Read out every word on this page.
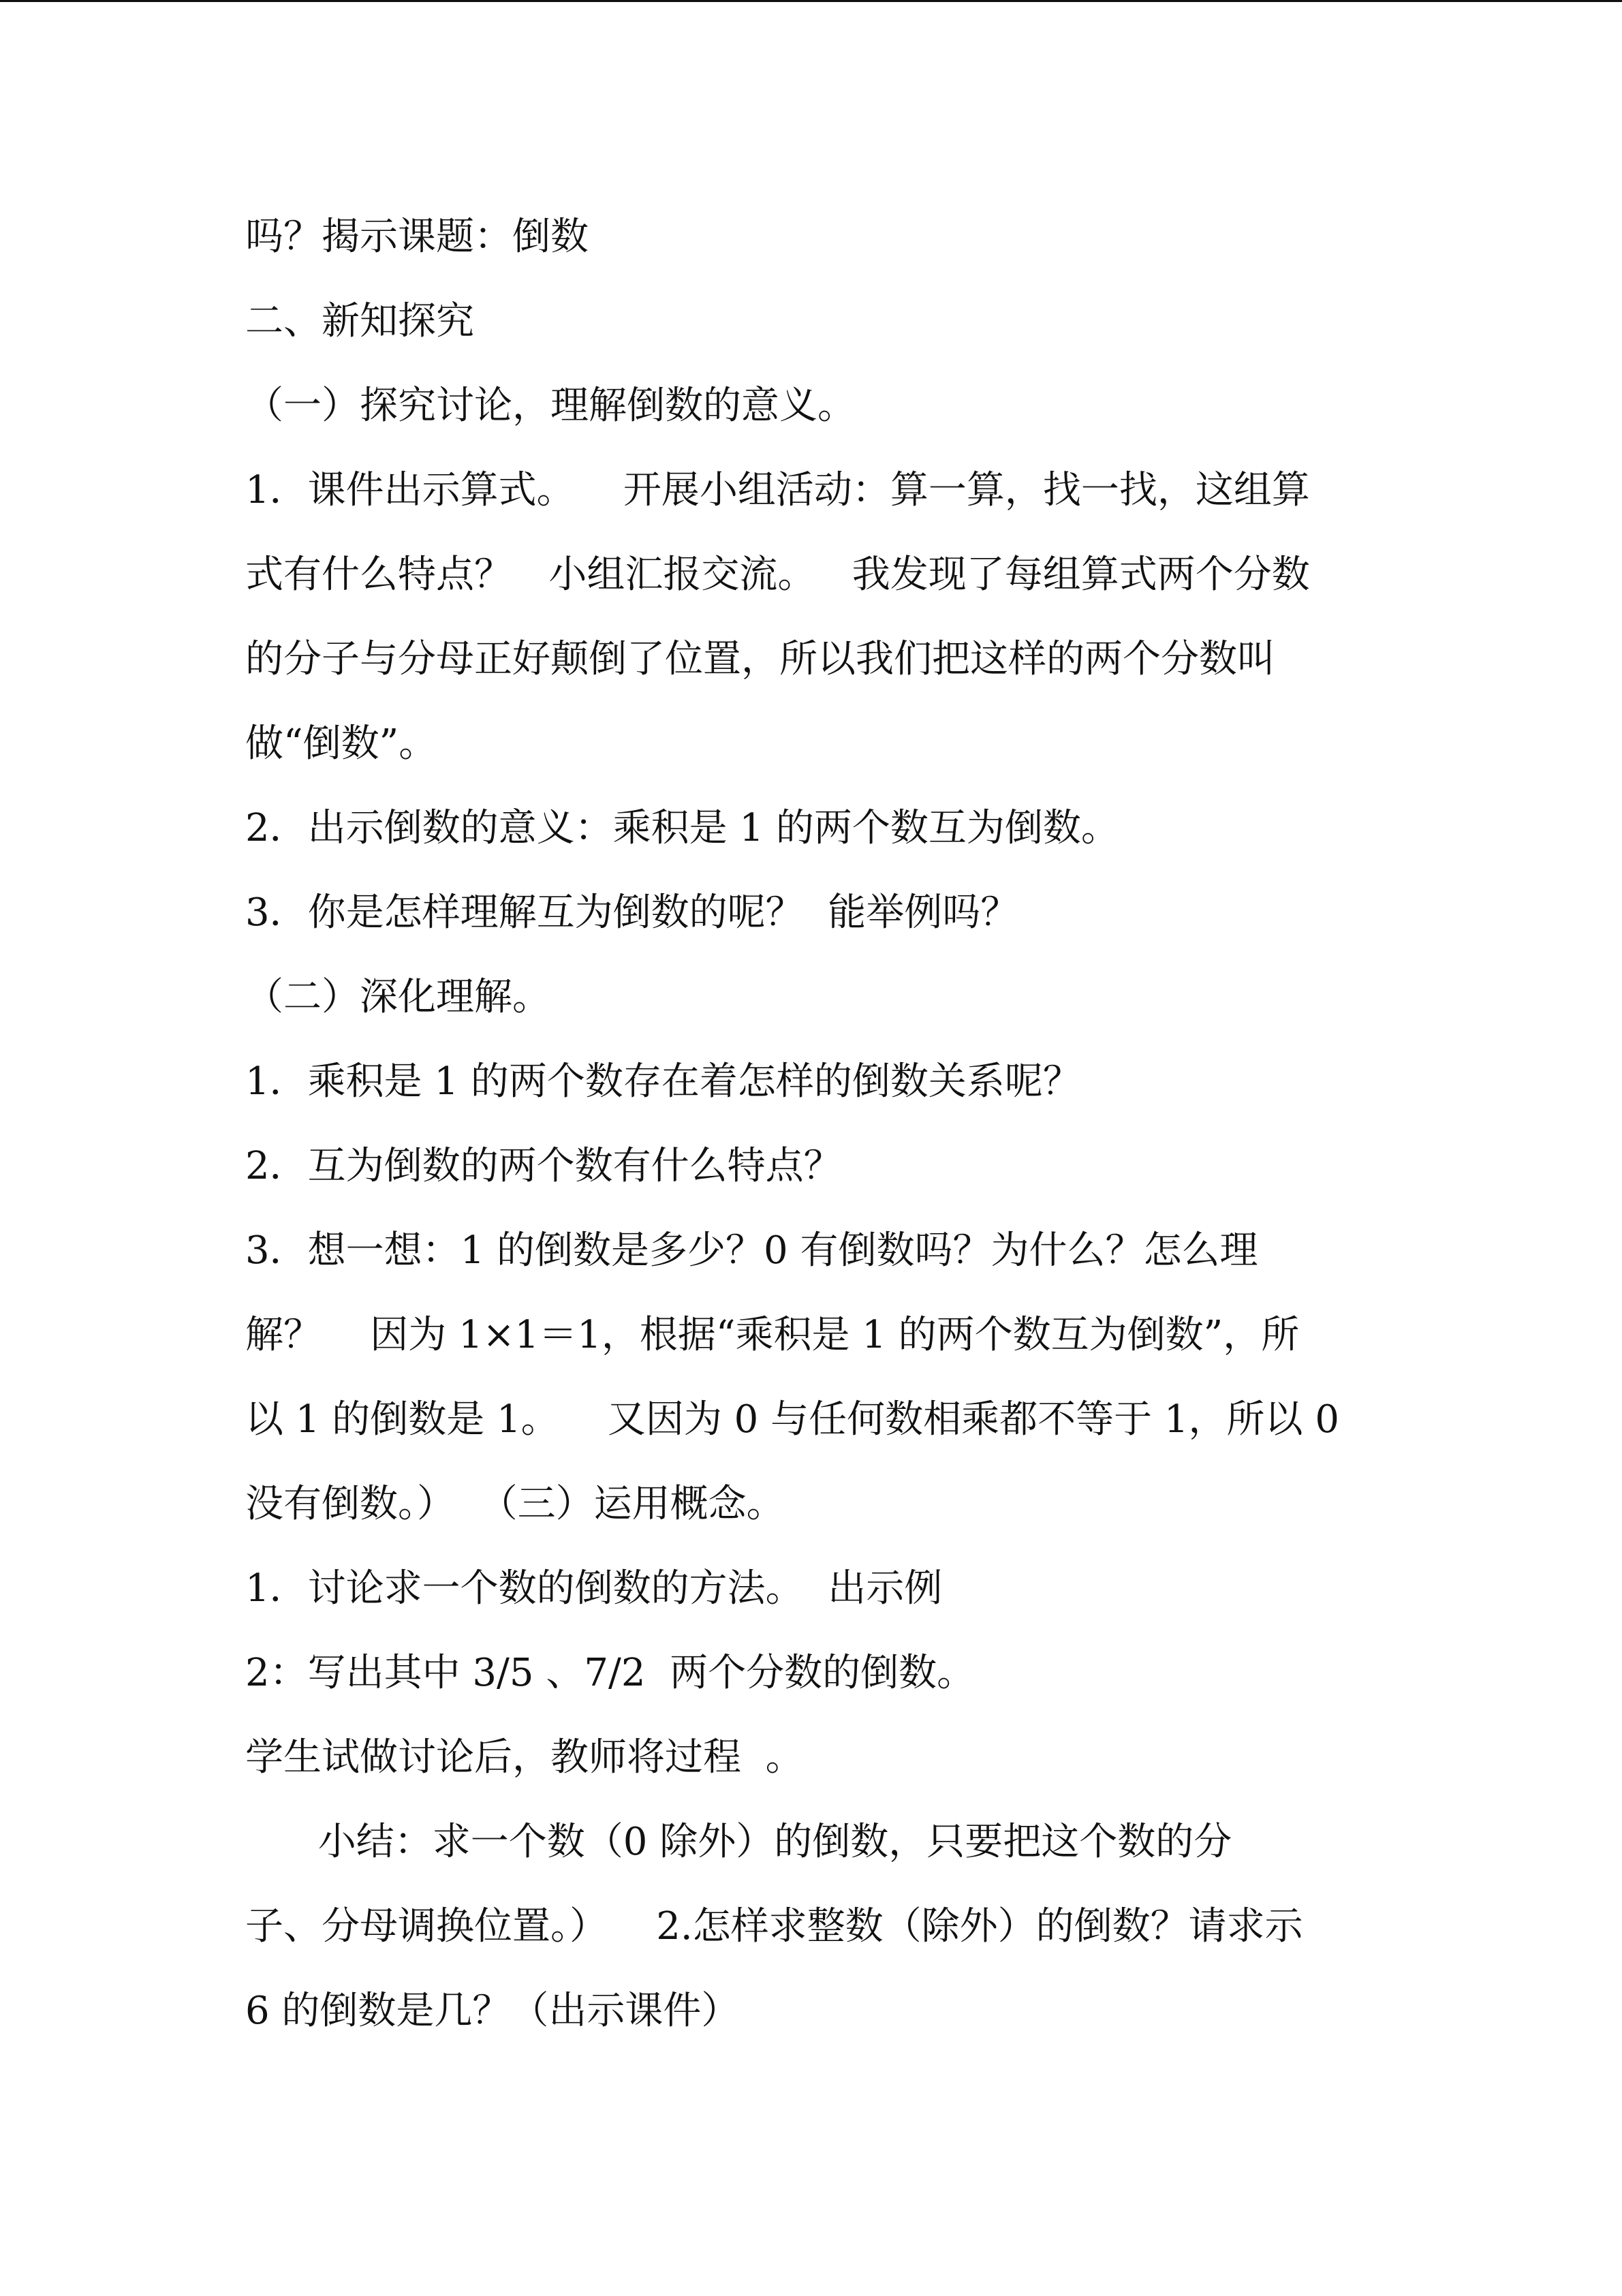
吗？揭示课题：倒数
二、新知探究
（一）探究讨论，理解倒数的意义。
1．课件出示算式。    开展小组活动：算一算，找一找，这组算
式有什么特点？   小组汇报交流。   我发现了每组算式两个分数
的分子与分母正好颠倒了位置，所以我们把这样的两个分数叫
做“倒数”。
2．出示倒数的意义：乘积是 1 的两个数互为倒数。
3．你是怎样理解互为倒数的呢？  能举例吗？
（二）深化理解。
1．乘积是 1 的两个数存在着怎样的倒数关系呢？
2．互为倒数的两个数有什么特点？
3．想一想：1 的倒数是多少？0 有倒数吗？为什么？怎么理
解？    因为 1×1＝1，根据“乘积是 1 的两个数互为倒数”，所
以 1 的倒数是 1。    又因为 0 与任何数相乘都不等于 1，所以 0
没有倒数。）  （三）运用概念。
1．讨论求一个数的倒数的方法。  出示例
2：写出其中 3/5 、7/2  两个分数的倒数。
学生试做讨论后，教师将过程  。
小结：求一个数（0 除外）的倒数，只要把这个数的分
子、分母调换位置。）    2.怎样求整数（除外）的倒数？请求示
6 的倒数是几？（出示课件）
